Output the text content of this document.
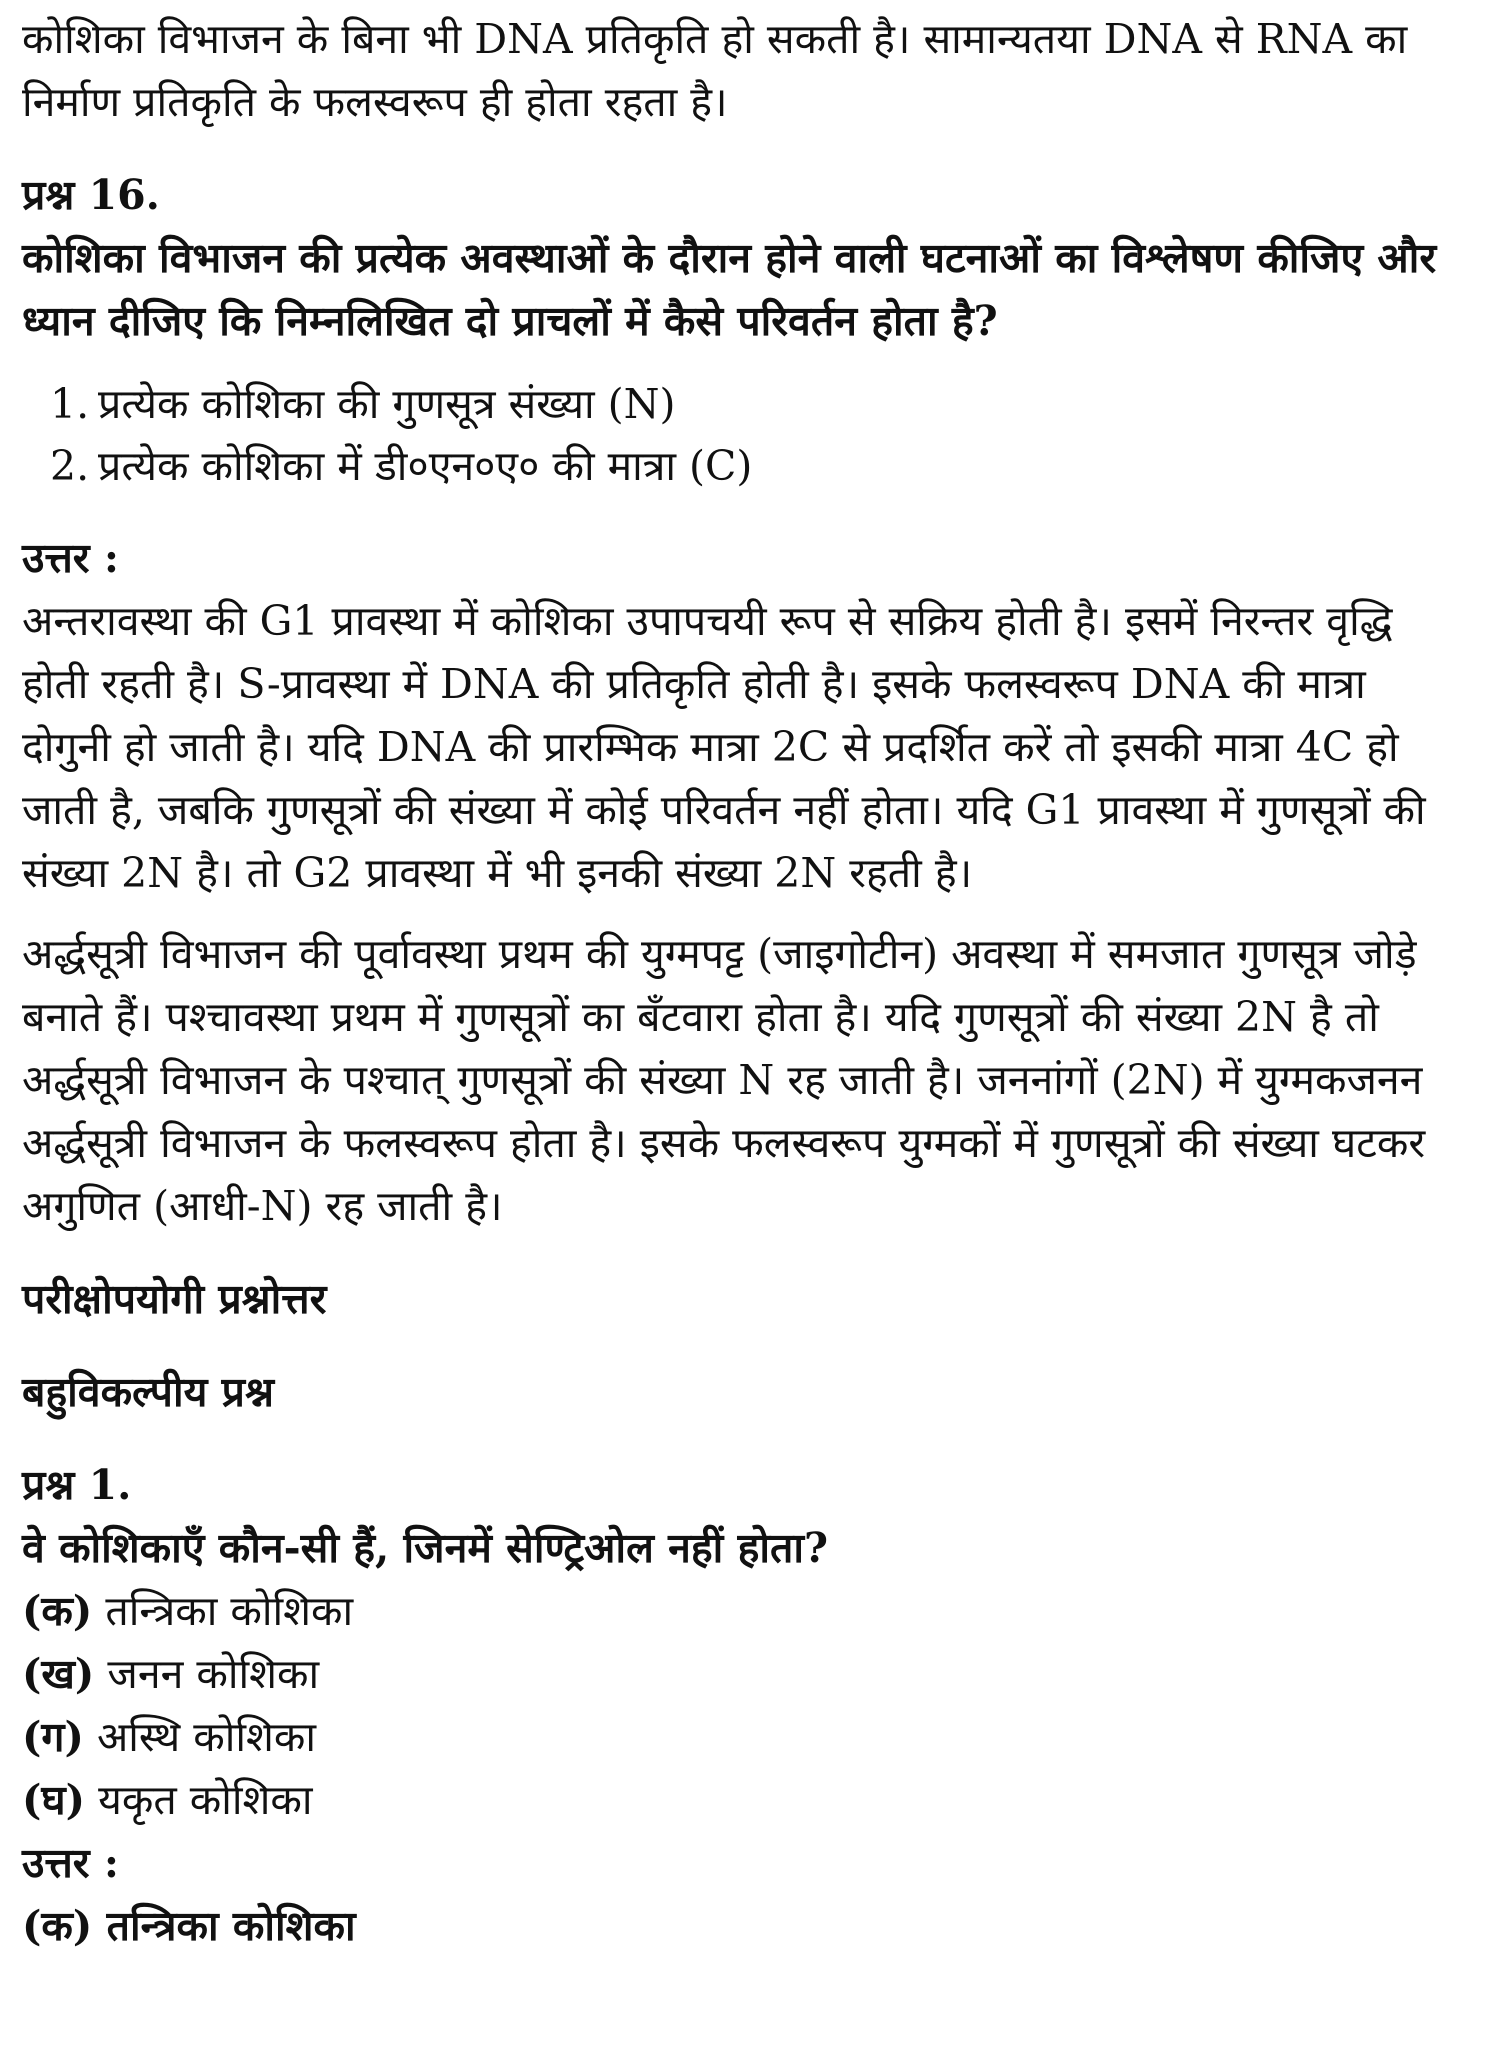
कोशिका विभाजन के बिना भी DNA प्रतिकृति हो सकती है। सामान्यतया DNA से RNA का निर्माण प्रतिकृति के फलस्वरूप ही होता रहता है।

प्रश्न 16.

कोशिका विभाजन की प्रत्येक अवस्थाओं के दौरान होने वाली घटनाओं का विश्लेषण कीजिए और ध्यान दीजिए कि निम्नलिखित दो प्राचलों में कैसे परिवर्तन होता है?

1. प्रत्येक कोशिका की गुणसूत्र संख्या (N)
2. प्रत्येक कोशिका में डी०एन०ए० की मात्रा (C)

उत्तर :

अन्तरावस्था की G1 प्रावस्था में कोशिका उपापचयी रूप से सक्रिय होती है। इसमें निरन्तर वृद्धि होती रहती है। S-प्रावस्था में DNA की प्रतिकृति होती है। इसके फलस्वरूप DNA की मात्रा दोगुनी हो जाती है। यदि DNA की प्रारम्भिक मात्रा 2C से प्रदर्शित करें तो इसकी मात्रा 4C हो जाती है, जबकि गुणसूत्रों की संख्या में कोई परिवर्तन नहीं होता। यदि G1 प्रावस्था में गुणसूत्रों की संख्या 2N है। तो G2 प्रावस्था में भी इनकी संख्या 2N रहती है।

अर्द्धसूत्री विभाजन की पूर्वावस्था प्रथम की युग्मपट्ट (जाइगोटीन) अवस्था में समजात गुणसूत्र जोड़े बनाते हैं। पश्चावस्था प्रथम में गुणसूत्रों का बँटवारा होता है। यदि गुणसूत्रों की संख्या 2N है तो अर्द्धसूत्री विभाजन के पश्चात् गुणसूत्रों की संख्या N रह जाती है। जननांगों (2N) में युग्मकजनन अर्द्धसूत्री विभाजन के फलस्वरूप होता है। इसके फलस्वरूप युग्मकों में गुणसूत्रों की संख्या घटकर अगुणित (आधी-N) रह जाती है।

परीक्षोपयोगी प्रश्नोत्तर

बहुविकल्पीय प्रश्न

प्रश्न 1.

वे कोशिकाएँ कौन-सी हैं, जिनमें सेण्ट्रिओल नहीं होता?

(क) तन्त्रिका कोशिका

(ख) जनन कोशिका

(ग) अस्थि कोशिका

(घ) यकृत कोशिका

उत्तर :

(क) तन्त्रिका कोशिका
